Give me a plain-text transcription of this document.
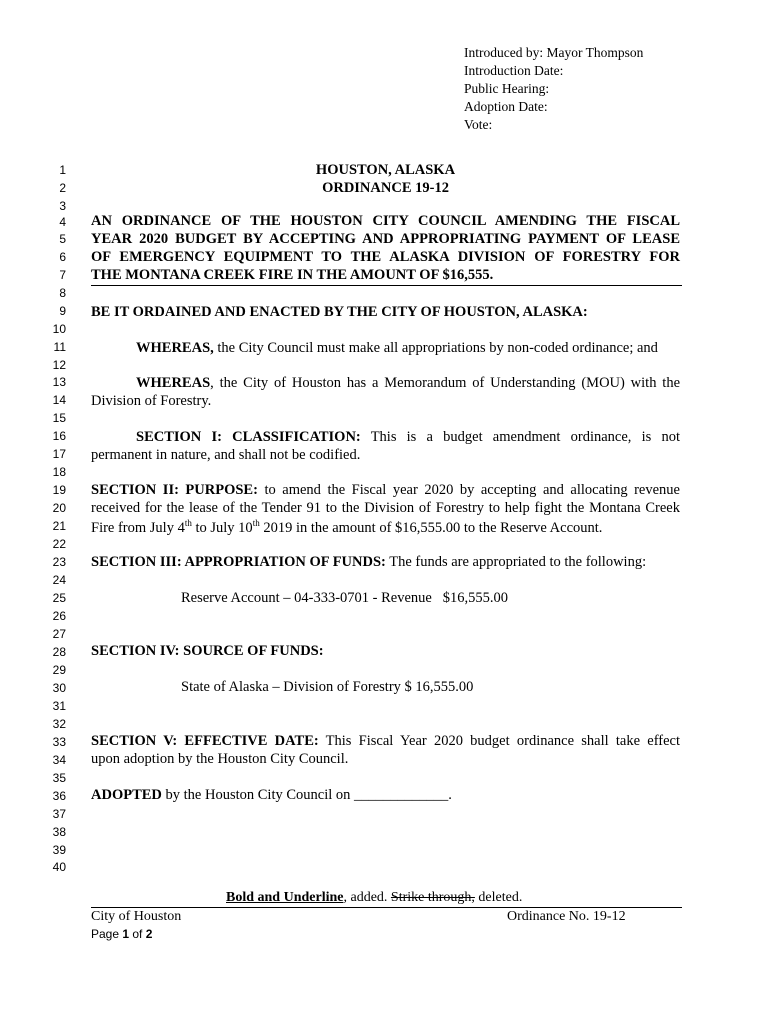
Introduced by: Mayor Thompson
Introduction Date:
Public Hearing:
Adoption Date:
Vote:
1
2
3
4
5
6
7
8
9
10
11
12
13
14
15
16
17
18
19
20
21
22
23
24
25
26
27
28
29
30
31
32
33
34
35
36
37
38
39
40
HOUSTON, ALASKA
ORDINANCE 19-12
AN ORDINANCE OF THE HOUSTON CITY COUNCIL AMENDING THE FISCAL
YEAR 2020 BUDGET BY ACCEPTING AND APPROPRIATING PAYMENT OF LEASE
OF EMERGENCY EQUIPMENT TO THE ALASKA DIVISION OF FORESTRY FOR
THE MONTANA CREEK FIRE IN THE AMOUNT OF $16,555.
BE IT ORDAINED AND ENACTED BY THE CITY OF HOUSTON, ALASKA:
WHEREAS, the City Council must make all appropriations by non-coded ordinance; and
WHEREAS, the City of Houston has a Memorandum of Understanding (MOU) with the
Division of Forestry.
SECTION I: CLASSIFICATION: This is a budget amendment ordinance, is not
permanent in nature, and shall not be codified.
SECTION II: PURPOSE: to amend the Fiscal year 2020 by accepting and allocating revenue
received for the lease of the Tender 91 to the Division of Forestry to help fight the Montana Creek
Fire from July 4th to July 10th 2019 in the amount of $16,555.00 to the Reserve Account.
SECTION III: APPROPRIATION OF FUNDS: The funds are appropriated to the following:
Reserve Account – 04-333-0701 - Revenue   $16,555.00
SECTION IV: SOURCE OF FUNDS:
State of Alaska – Division of Forestry $ 16,555.00
SECTION V: EFFECTIVE DATE: This Fiscal Year 2020 budget ordinance shall take effect
upon adoption by the Houston City Council.
ADOPTED by the Houston City Council on _____________.
Bold and Underline, added. Strike through, deleted.
City of Houston	Ordinance No. 19-12
Page 1 of 2
